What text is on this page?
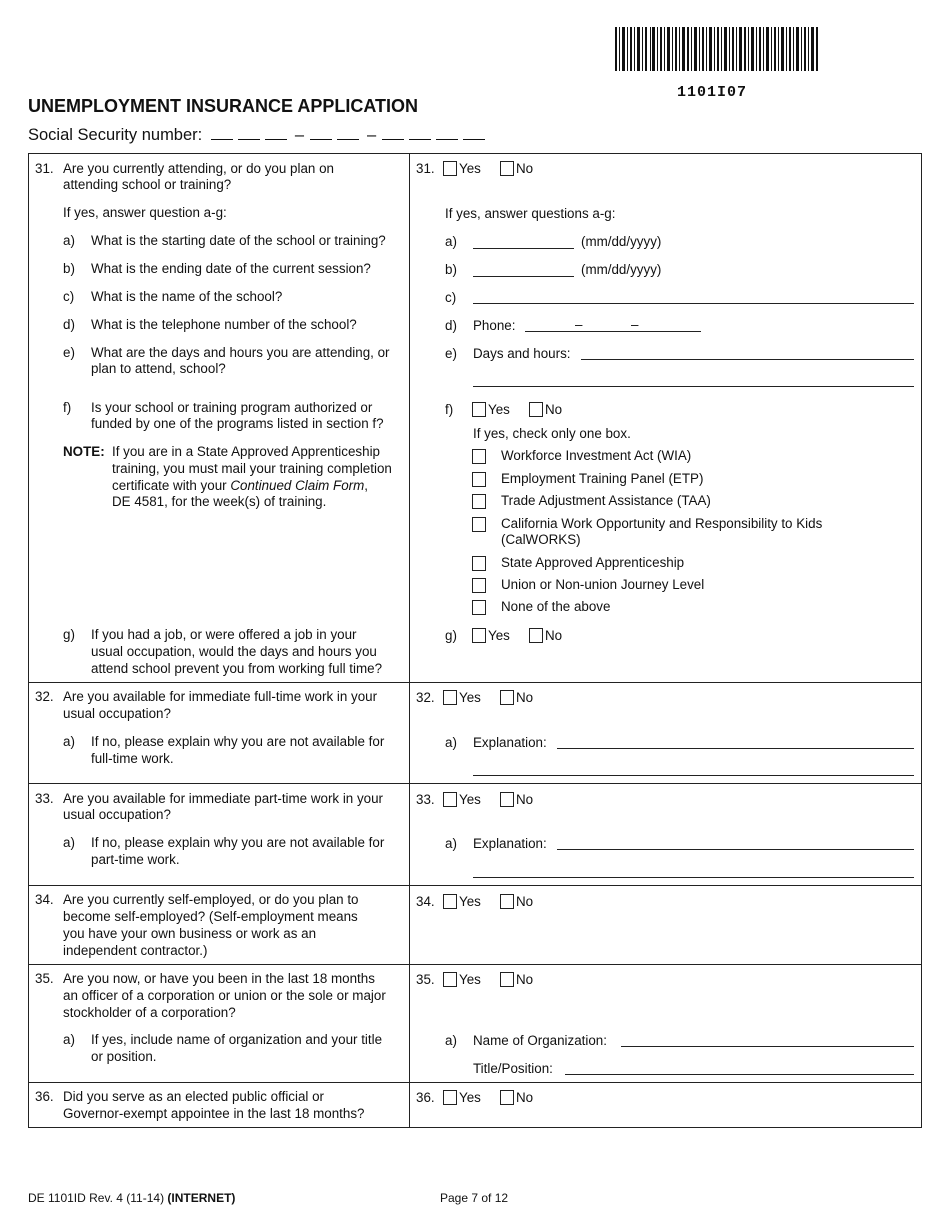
1101I07
UNEMPLOYMENT INSURANCE APPLICATION
Social Security number:	–	–
31. Are you currently attending, or do you plan on
attending school or training?
If yes, answer question a-g:
a) What is the starting date of the school or training?
b) What is the ending date of the current session?
c) What is the name of the school?
d) What is the telephone number of the school?
e) What are the days and hours you are attending, or
plan to attend, school?
f) Is your school or training program authorized or
funded by one of the programs listed in section f?
NOTE: If you are in a State Approved Apprenticeship
training, you must mail your training completion
certificate with your Continued Claim Form,
DE 4581, for the week(s) of training.
g) If you had a job, or were offered a job in your
usual occupation, would the days and hours you
attend school prevent you from working full time?
31. Yes	No
If yes, answer questions a-g:
a)	(mm/dd/yyyy)
b)	(mm/dd/yyyy)
c)
d) Phone:	–	–
e) Days and hours:
f)	Yes	No
If yes, check only one box.
Workforce Investment Act (WIA)
Employment Training Panel (ETP)
Trade Adjustment Assistance (TAA)
California Work Opportunity and Responsibility to Kids
(CalWORKS)
State Approved Apprenticeship
Union or Non-union Journey Level
None of the above
g) Yes	No
32. Are you available for immediate full-time work in your
usual occupation?
a) If no, please explain why you are not available for
full-time work.
32. Yes	No
a) Explanation:
33. Are you available for immediate part-time work in your
usual occupation?
a) If no, please explain why you are not available for
part-time work.
33. Yes	No
a) Explanation:
34. Are you currently self-employed, or do you plan to
become self-employed? (Self-employment means
you have your own business or work as an
independent contractor.)
34. Yes	No
35. Are you now, or have you been in the last 18 months
an officer of a corporation or union or the sole or major
stockholder of a corporation?
a) If yes, include name of organization and your title
or position.
35. Yes	No
a) Name of Organization:
Title/Position:
36. Did you serve as an elected public official or
Governor-exempt appointee in the last 18 months?
36. Yes	No
DE 1101ID Rev. 4 (11-14) (INTERNET)	Page 7 of 12
